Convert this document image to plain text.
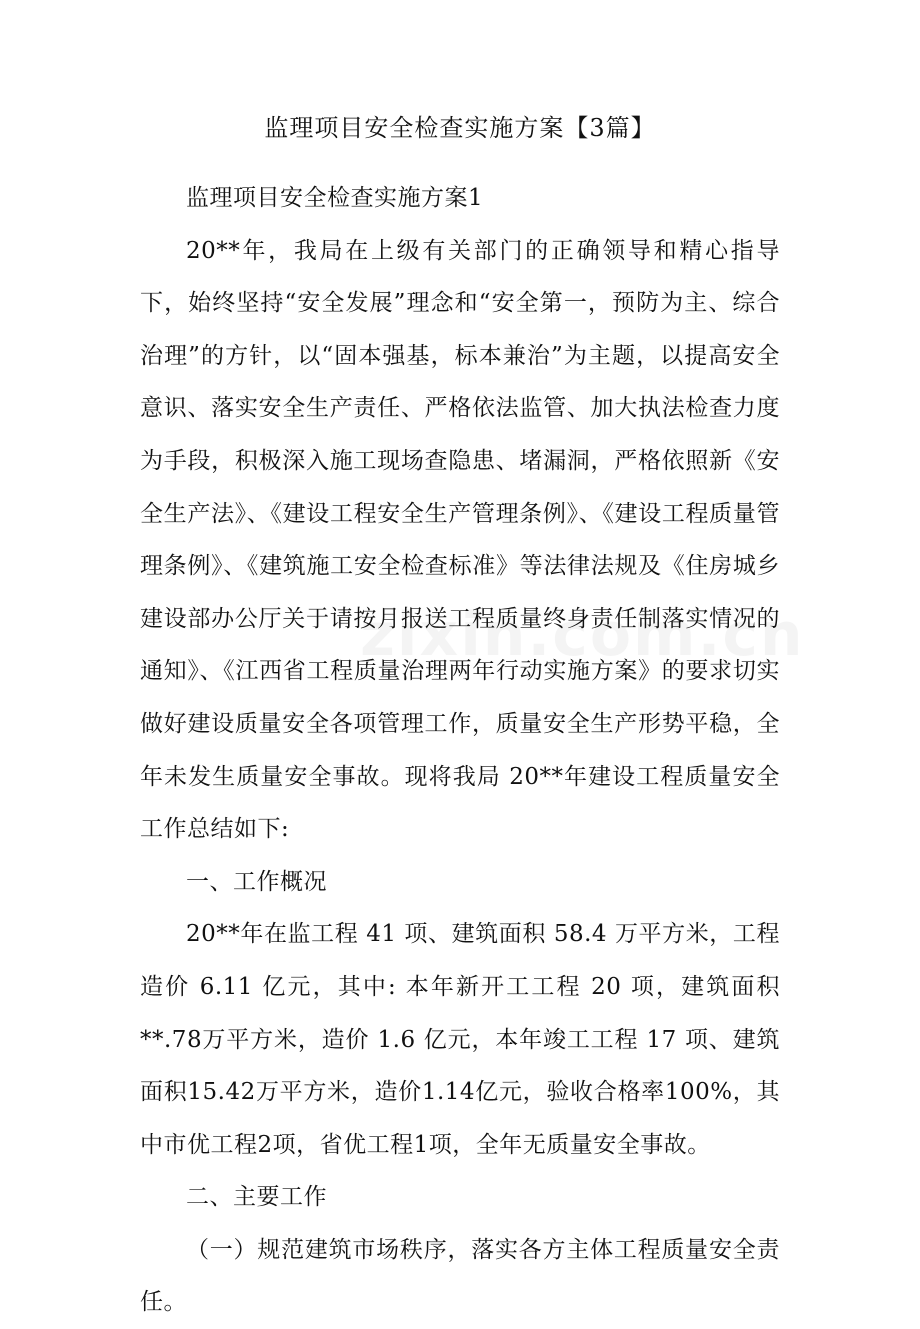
监理项目安全检查实施方案【3篇】

监理项目安全检查实施方案1

20**年，我局在上级有关部门的正确领导和精心指导下，始终坚持“安全发展”理念和“安全第一，预防为主、综合治理”的方针，以“固本强基，标本兼治”为主题，以提高安全意识、落实安全生产责任、严格依法监管、加大执法检查力度为手段，积极深入施工现场查隐患、堵漏洞，严格依照新《安全生产法》、《建设工程安全生产管理条例》、《建设工程质量管理条例》、《建筑施工安全检查标准》等法律法规及《住房城乡建设部办公厅关于请按月报送工程质量终身责任制落实情况的通知》、《江西省工程质量治理两年行动实施方案》的要求切实做好建设质量安全各项管理工作，质量安全生产形势平稳，全年未发生质量安全事故。现将我局 20**年建设工程质量安全工作总结如下:

一、工作概况

20**年在监工程 41 项、建筑面积 58.4 万平方米，工程造价 6.11 亿元，其中: 本年新开工工程 20 项，建筑面积**.78万平方米，造价 1.6 亿元，本年竣工工程 17 项、建筑面积15.42万平方米，造价1.14亿元，验收合格率100%，其中市优工程2项，省优工程1项，全年无质量安全事故。

二、主要工作

（一）规范建筑市场秩序，落实各方主体工程质量安全责任。
